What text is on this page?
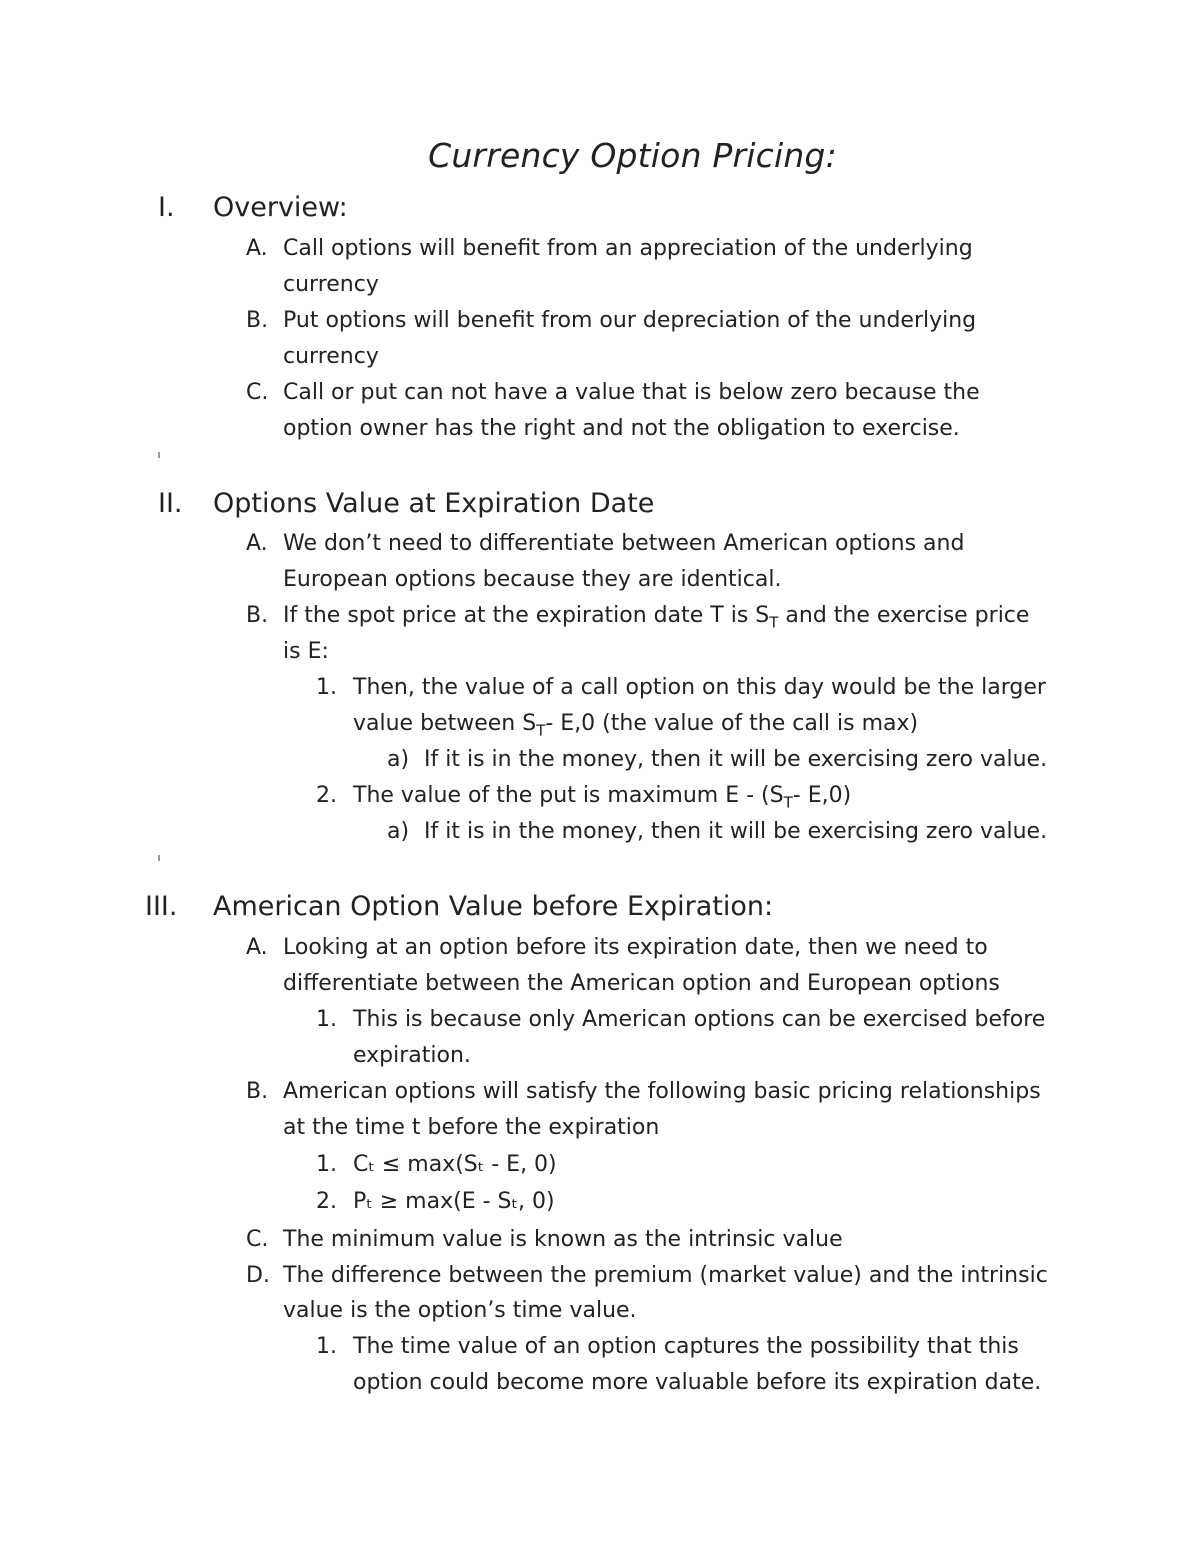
Currency Option Pricing:
I. Overview:
A. Call options will benefit from an appreciation of the underlying
currency
B. Put options will benefit from our depreciation of the underlying
currency
C. Call or put can not have a value that is below zero because the
option owner has the right and not the obligation to exercise.
II. Options Value at Expiration Date
A. We don’t need to differentiate between American options and
European options because they are identical.
B. If the spot price at the expiration date T is $S_T$ and the exercise price
is E:
1. Then, the value of a call option on this day would be the larger
value between $S_T-$ E,0 (the value of the call is max)
a) If it is in the money, then it will be exercising zero value.
2. The value of the put is maximum E - ($S_T-$ E,0)
a) If it is in the money, then it will be exercising zero value.
III. American Option Value before Expiration:
A. Looking at an option before its expiration date, then we need to
differentiate between the American option and European options
1. This is because only American options can be exercised before
expiration.
B. American options will satisfy the following basic pricing relationships
at the time t before the expiration
1. Cₜ ≤ max(Sₜ - E, 0)
2. Pₜ ≥ max(E - Sₜ, 0)
C. The minimum value is known as the intrinsic value
D. The difference between the premium (market value) and the intrinsic
value is the option’s time value.
1. The time value of an option captures the possibility that this
option could become more valuable before its expiration date.
